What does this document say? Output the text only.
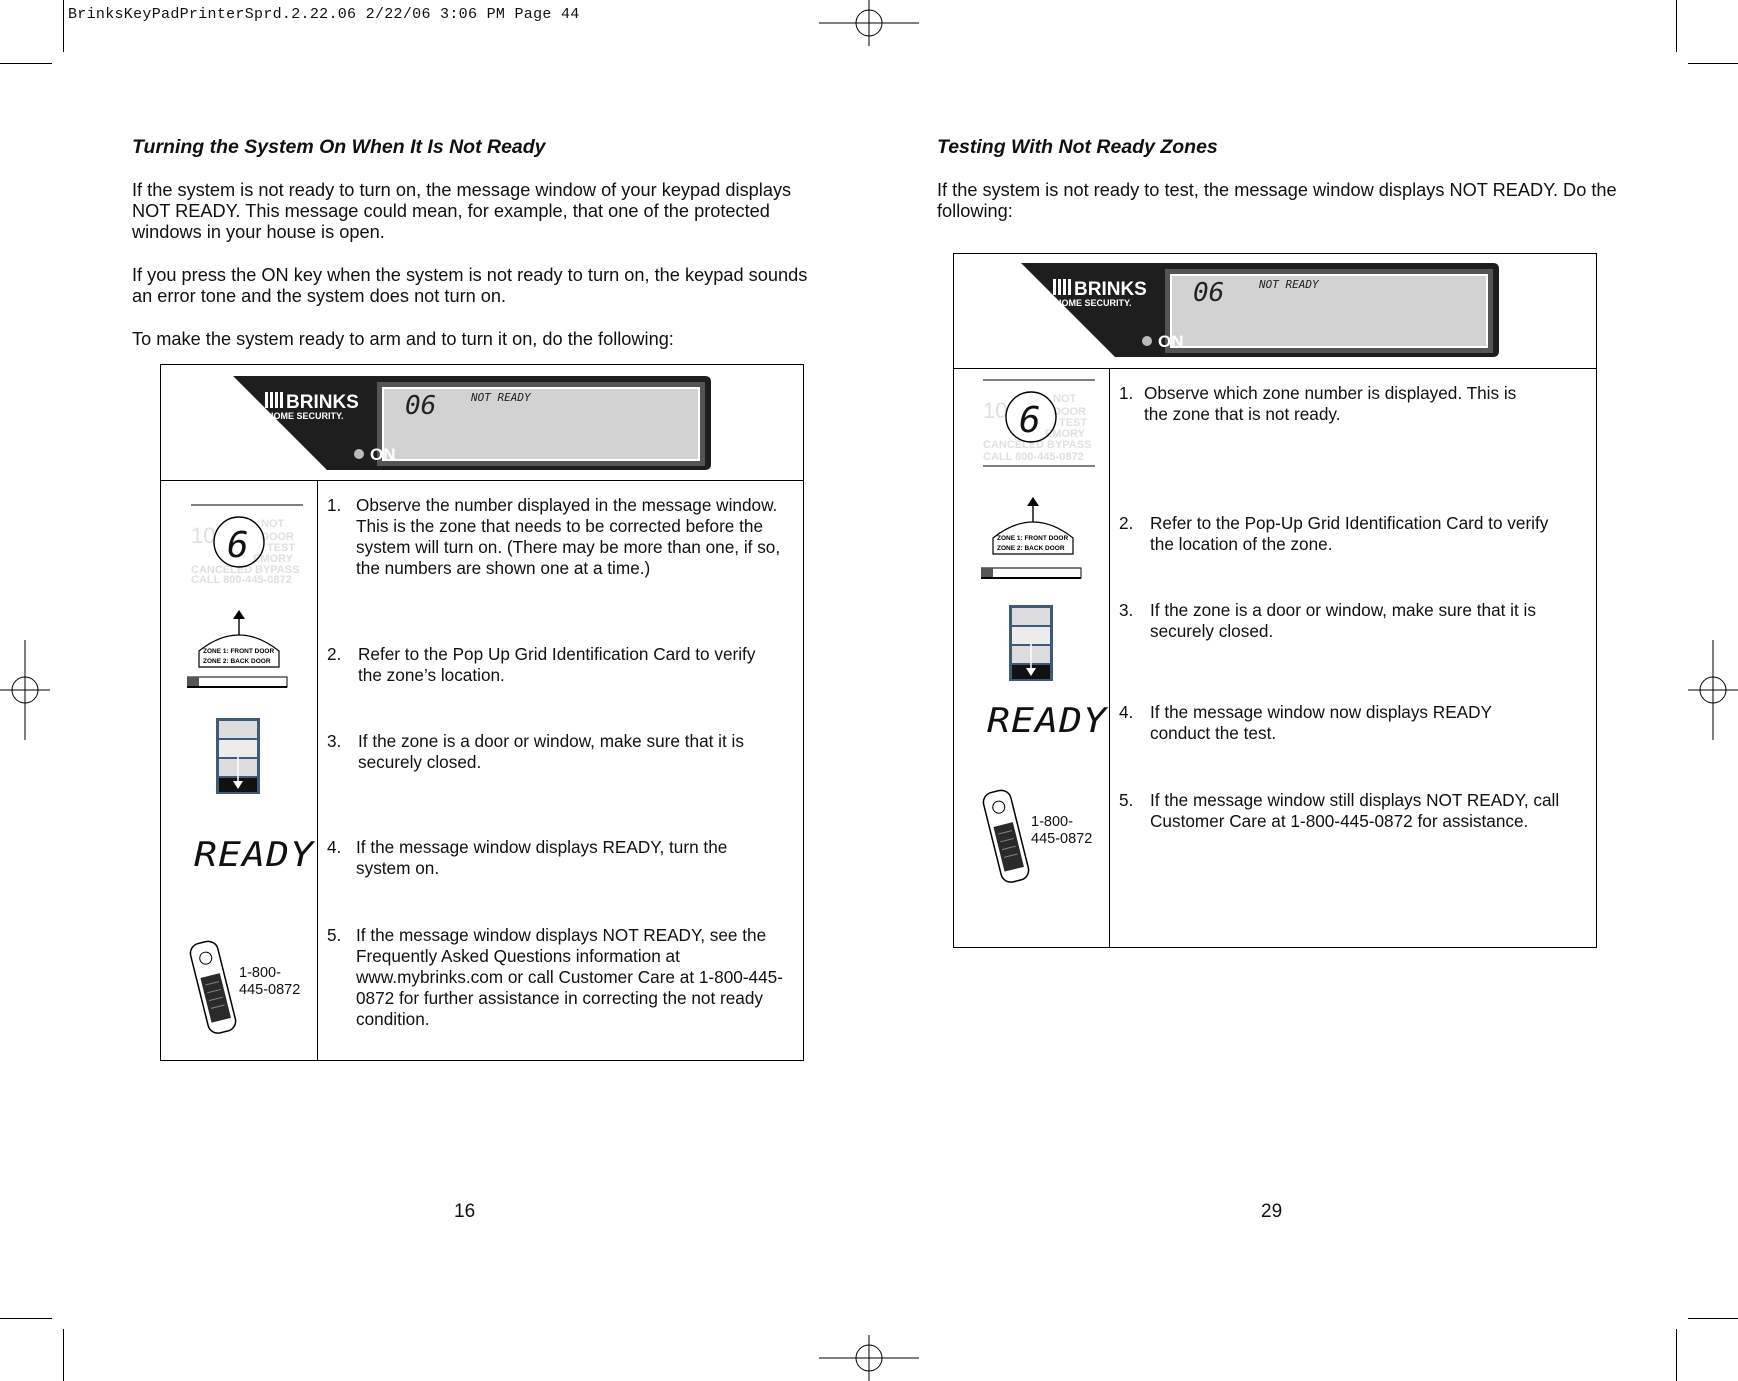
BrinksKeyPadPrinterSprd.2.22.06 2/22/06 3:06 PM Page 44
Turning the System On When It Is Not Ready

If the system is not ready to turn on, the message window of your keypad displays NOT READY. This message could mean, for example, that one of the protected windows in your house is open.

If you press the ON key when the system is not ready to turn on, the keypad sounds an error tone and the system does not turn on.

To make the system ready to arm and to turn it on, do the following:

BRINKS
HOME SECURITY.
ON
06	NOT READY
10	NOT
DOOR
TEST
EMORY
CANCELED BYPASS
CALL 800-445-0872
6
ZONE 1: FRONT DOOR
ZONE 2: BACK DOOR
READY
1-800-
445-0872
1. Observe the number displayed in the message window. This is the zone that needs to be corrected before the system will turn on. (There may be more than one, if so, the numbers are shown one at a time.)
2. Refer to the Pop Up Grid Identification Card to verify the zone’s location.
3. If the zone is a door or window, make sure that it is securely closed.
4. If the message window displays READY, turn the system on.
5. If the message window displays NOT READY, see the Frequently Asked Questions information at www.mybrinks.com or call Customer Care at 1-800-445-0872 for further assistance in correcting the not ready condition.
16
Testing With Not Ready Zones

If the system is not ready to test, the message window displays NOT READY. Do the following:

BRINKS
HOME SECURITY.
ON
06	NOT READY
10	NOT
DOOR
TEST
EMORY
CANCELED BYPASS
CALL 800-445-0872
6
ZONE 1: FRONT DOOR
ZONE 2: BACK DOOR
READY
1-800-
445-0872
1. Observe which zone number is displayed. This is the zone that is not ready.
2. Refer to the Pop-Up Grid Identification Card to verify the location of the zone.
3. If the zone is a door or window, make sure that it is securely closed.
4. If the message window now displays READY conduct the test.
5. If the message window still displays NOT READY, call Customer Care at 1-800-445-0872 for assistance.
29
